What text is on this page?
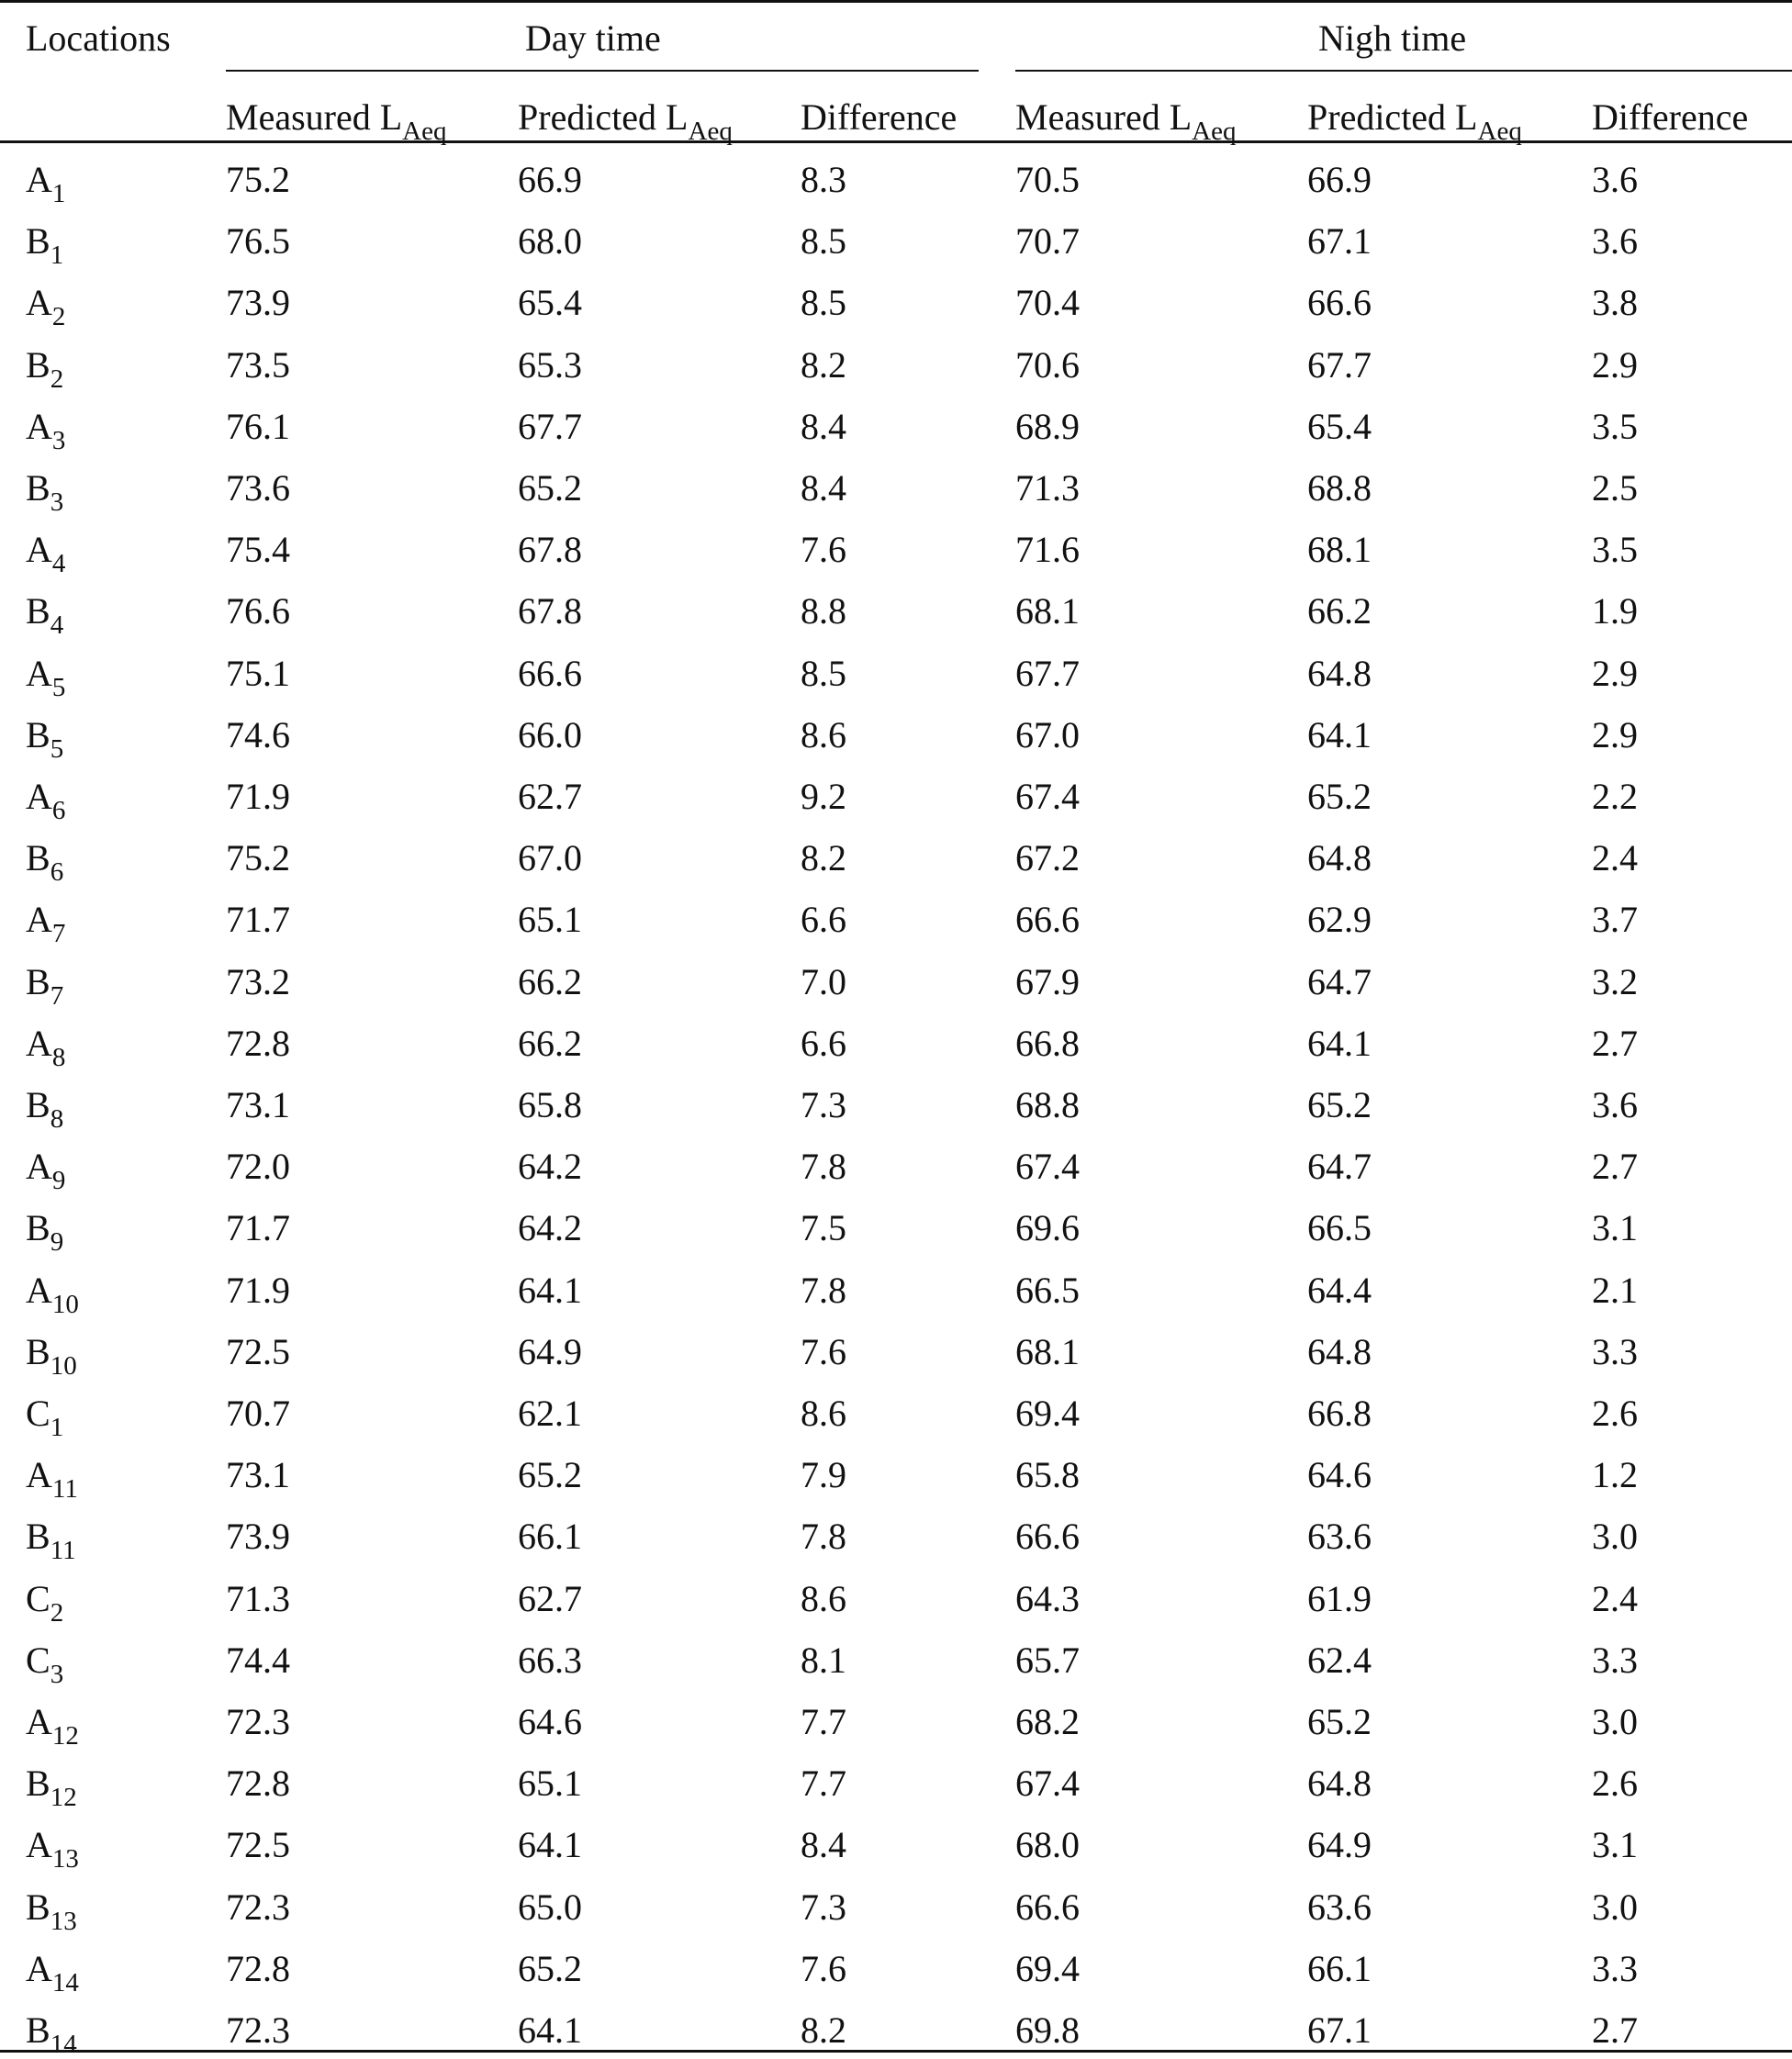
Locations	Day time	Nigh time
Measured $L_{Aeq}$ Predicted $L_{Aeq}$ Difference Measured $L_{Aeq}$ Predicted $L_{Aeq}$ Difference
$A_1$	75.2	66.9	8.3	70.5	66.9	3.6
$B_1$	76.5	68.0	8.5	70.7	67.1	3.6
$A_2$	73.9	65.4	8.5	70.4	66.6	3.8
$B_2$	73.5	65.3	8.2	70.6	67.7	2.9
$A_3$	76.1	67.7	8.4	68.9	65.4	3.5
$B_3$	73.6	65.2	8.4	71.3	68.8	2.5
$A_4$	75.4	67.8	7.6	71.6	68.1	3.5
$B_4$	76.6	67.8	8.8	68.1	66.2	1.9
$A_5$	75.1	66.6	8.5	67.7	64.8	2.9
$B_5$	74.6	66.0	8.6	67.0	64.1	2.9
$A_6$	71.9	62.7	9.2	67.4	65.2	2.2
$B_6$	75.2	67.0	8.2	67.2	64.8	2.4
$A_7$	71.7	65.1	6.6	66.6	62.9	3.7
$B_7$	73.2	66.2	7.0	67.9	64.7	3.2
$A_8$	72.8	66.2	6.6	66.8	64.1	2.7
$B_8$	73.1	65.8	7.3	68.8	65.2	3.6
$A_9$	72.0	64.2	7.8	67.4	64.7	2.7
$B_9$	71.7	64.2	7.5	69.6	66.5	3.1
$A_{10}$	71.9	64.1	7.8	66.5	64.4	2.1
$B_{10}$	72.5	64.9	7.6	68.1	64.8	3.3
$C_1$	70.7	62.1	8.6	69.4	66.8	2.6
$A_{11}$	73.1	65.2	7.9	65.8	64.6	1.2
$B_{11}$	73.9	66.1	7.8	66.6	63.6	3.0
$C_2$	71.3	62.7	8.6	64.3	61.9	2.4
$C_3$	74.4	66.3	8.1	65.7	62.4	3.3
$A_{12}$	72.3	64.6	7.7	68.2	65.2	3.0
$B_{12}$	72.8	65.1	7.7	67.4	64.8	2.6
$A_{13}$	72.5	64.1	8.4	68.0	64.9	3.1
$B_{13}$	72.3	65.0	7.3	66.6	63.6	3.0
$A_{14}$	72.8	65.2	7.6	69.4	66.1	3.3
$B_{14}$	72.3	64.1	8.2	69.8	67.1	2.7
